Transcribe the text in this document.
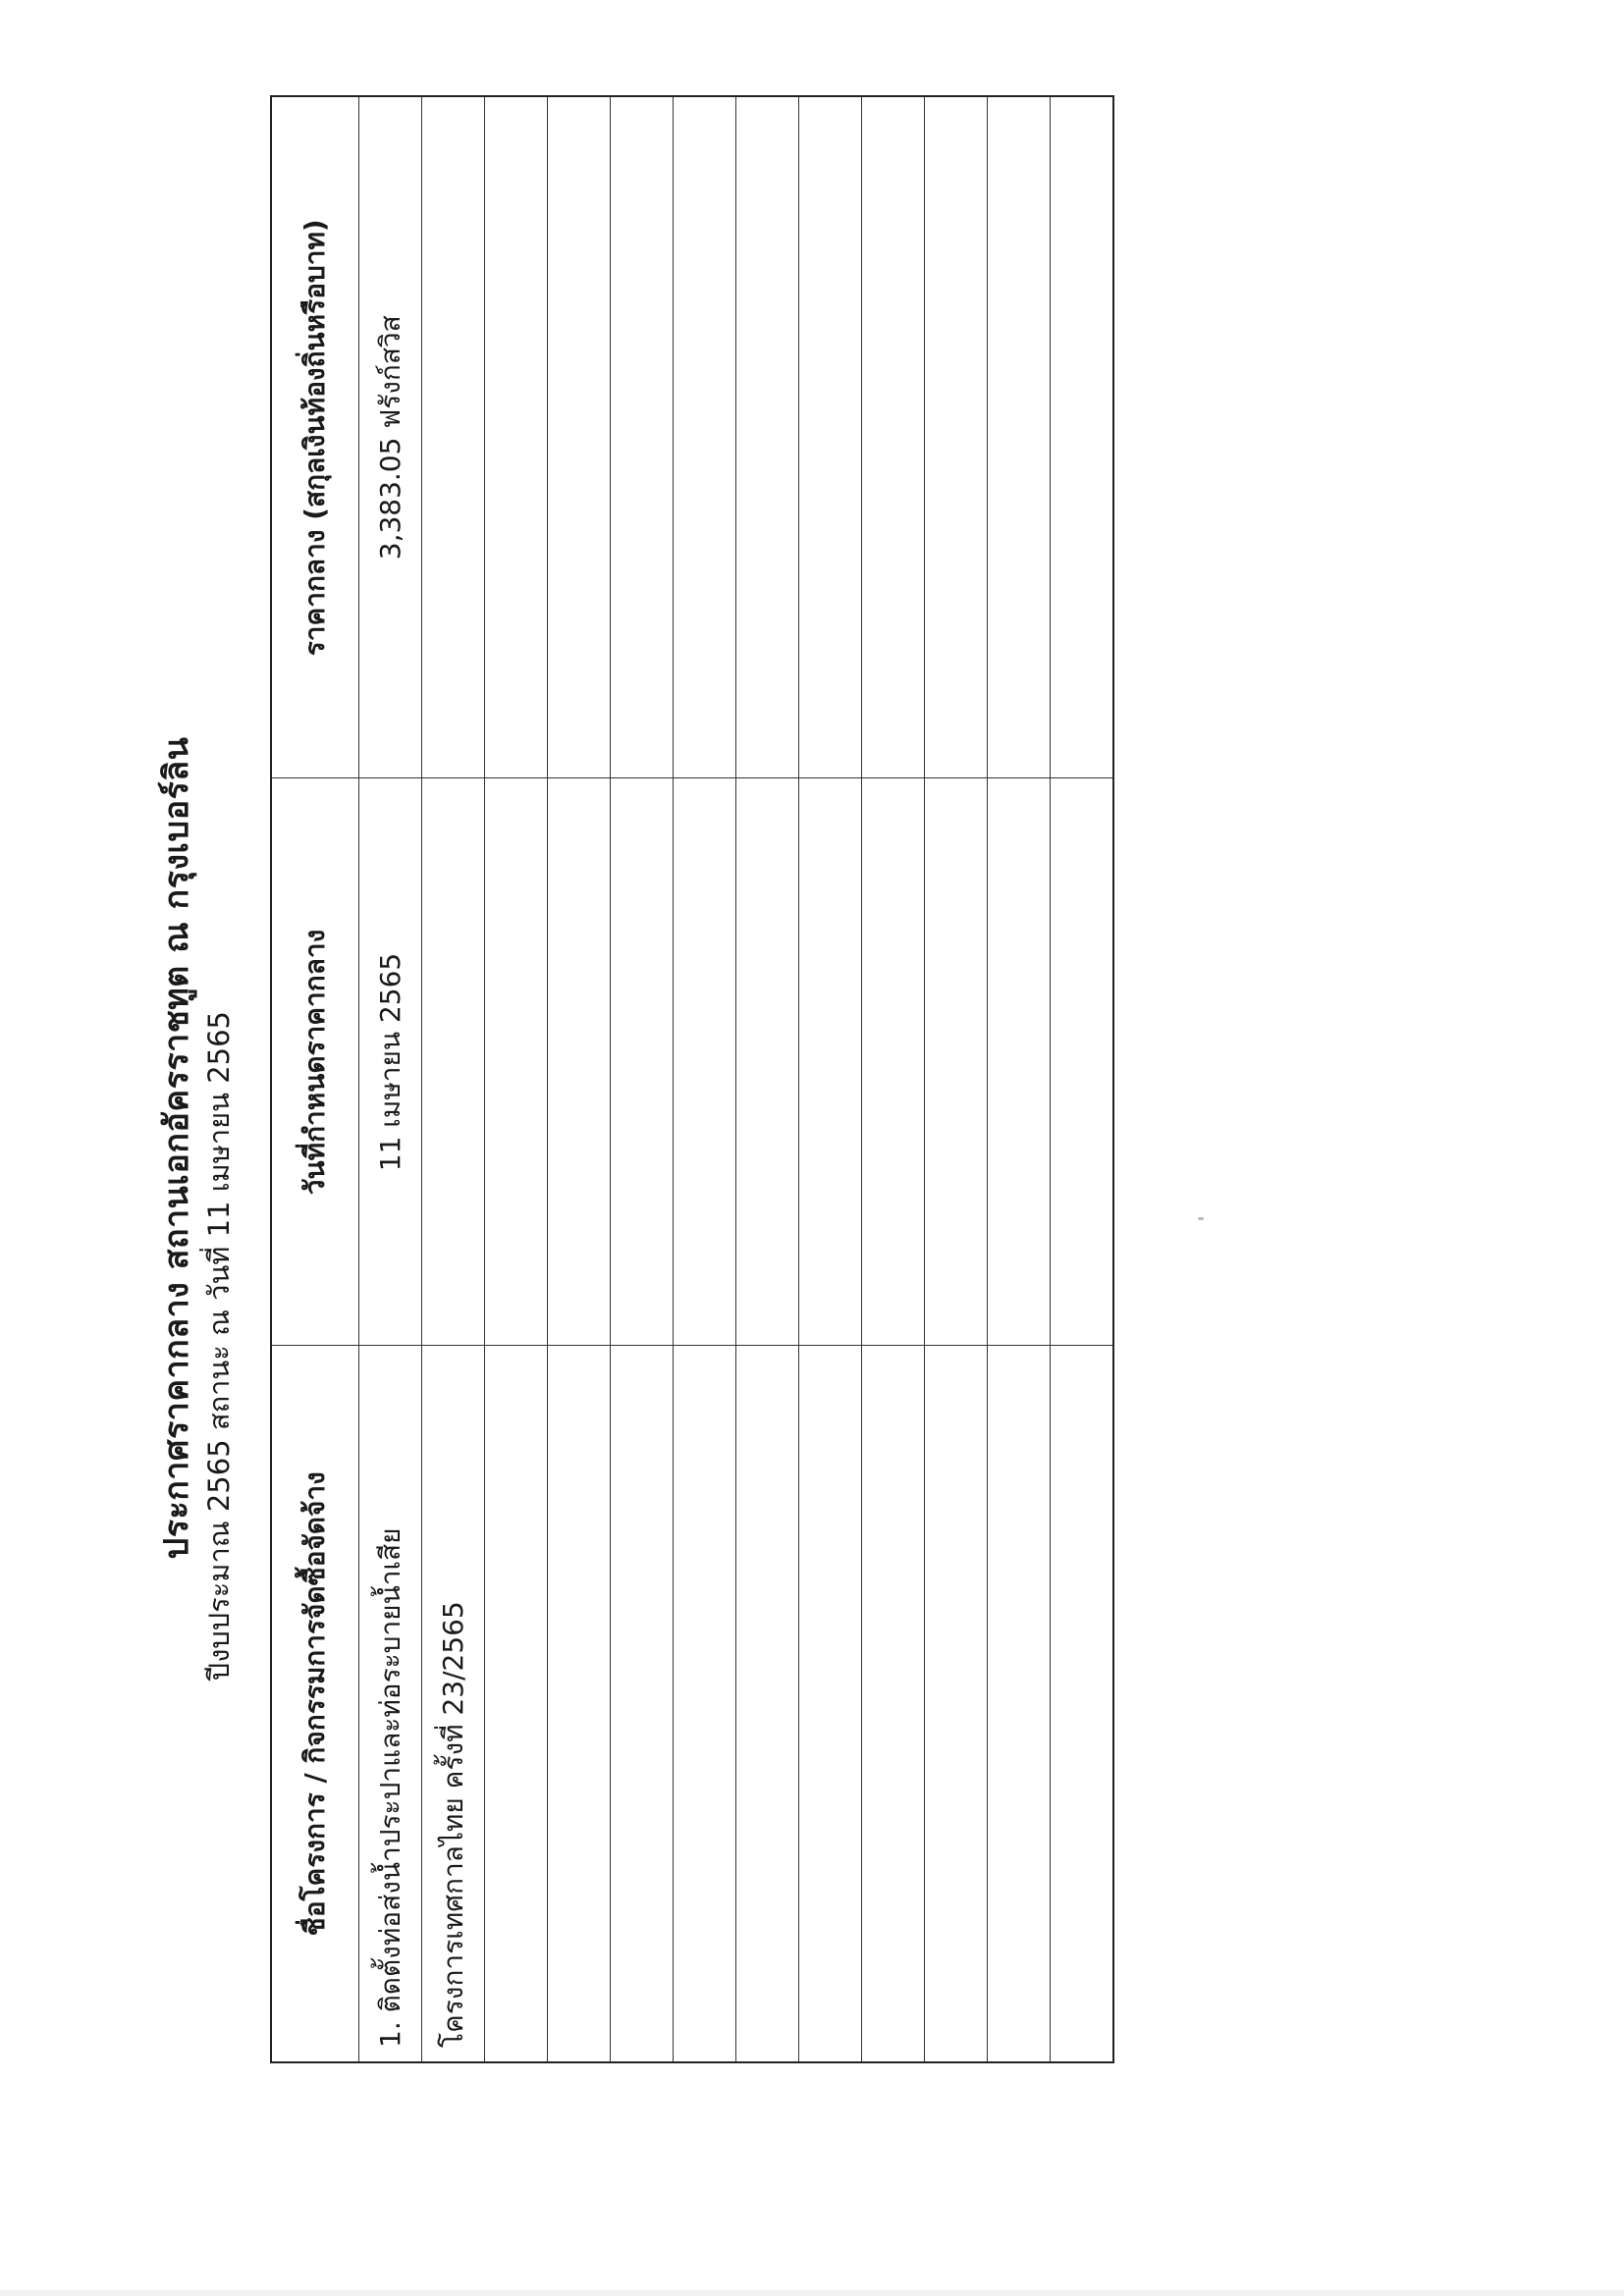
ประกาศราคากลาง สถานเอกอัครราชทูต ณ กรุงเบอร์ลิน ปีงบประมาณ 2565 สถานะ ณ วันที่ 11 เมษายน 2565
ชื่อโครงการ / กิจกรรมการจัดซื้อจัดจ้าง	วันที่กำหนดราคากลาง	ราคากลาง (สกุลเงินท้องถิ่นหรือบาท)
1. ติดตั้งท่อส่งน้ำประปาและท่อระบายน้ำเสีย	11 เมษายน 2565	3,383.05 ฟรังก์สวิส
โครงการเทศกาลไทย ครั้งที่ 23/2565		
